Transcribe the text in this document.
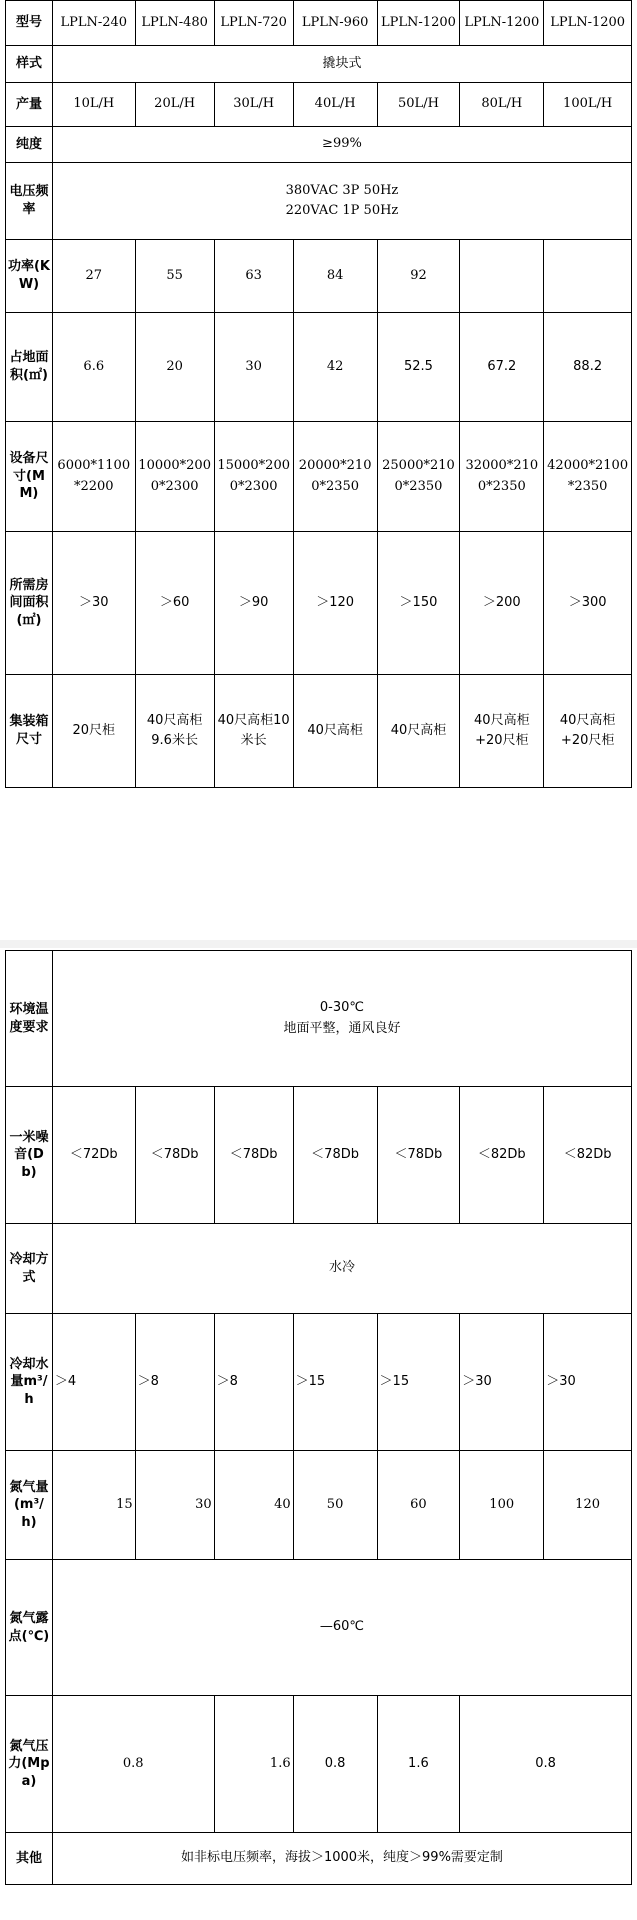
型号	LPLN-240	LPLN-480	LPLN-720	LPLN-960	LPLN-1200	LPLN-1200	LPLN-1200
样式	撬块式						
产量	10L/H	20L/H	30L/H	40L/H	50L/H	80L/H	100L/H
纯度	≥99%						
电压频率	380VAC 3P 50Hz
220VAC 1P 50Hz						

功率(KW)	27	55	63	84	92		
占地面积(㎡)	6.6	20	30	42	52.5	67.2	88.2
设备尺寸(MM)	6000*1100*2200	10000*2000*2300	15000*2000*2300	20000*2100*2350	25000*2100*2350	32000*2100*2350	42000*2100*2350
所需房间面积(㎡)	＞30	＞60	＞90	＞120	＞150	＞200	＞300
集装箱尺寸	20尺柜	40尺高柜9.6米长	40尺高柜10米长	40尺高柜	40尺高柜	40尺高柜+20尺柜	40尺高柜+20尺柜
环境温度要求	0-30℃
地面平整，通风良好						

一米噪音(Db)	＜72Db	＜78Db	＜78Db	＜78Db	＜78Db	＜82Db	＜82Db
冷却方式	水冷						
冷却水量m³/h	＞4	＞8	＞8	＞15	＞15	＞30	＞30
氮气量(m³/h)	15	30	40	50	60	100	120
氮气露点(℃)	—60℃						
氮气压力(Mpa)	0.8		1.6	0.8	1.6	0.8	
其他	如非标电压频率，海拔＞1000米，纯度＞99%需要定制						
